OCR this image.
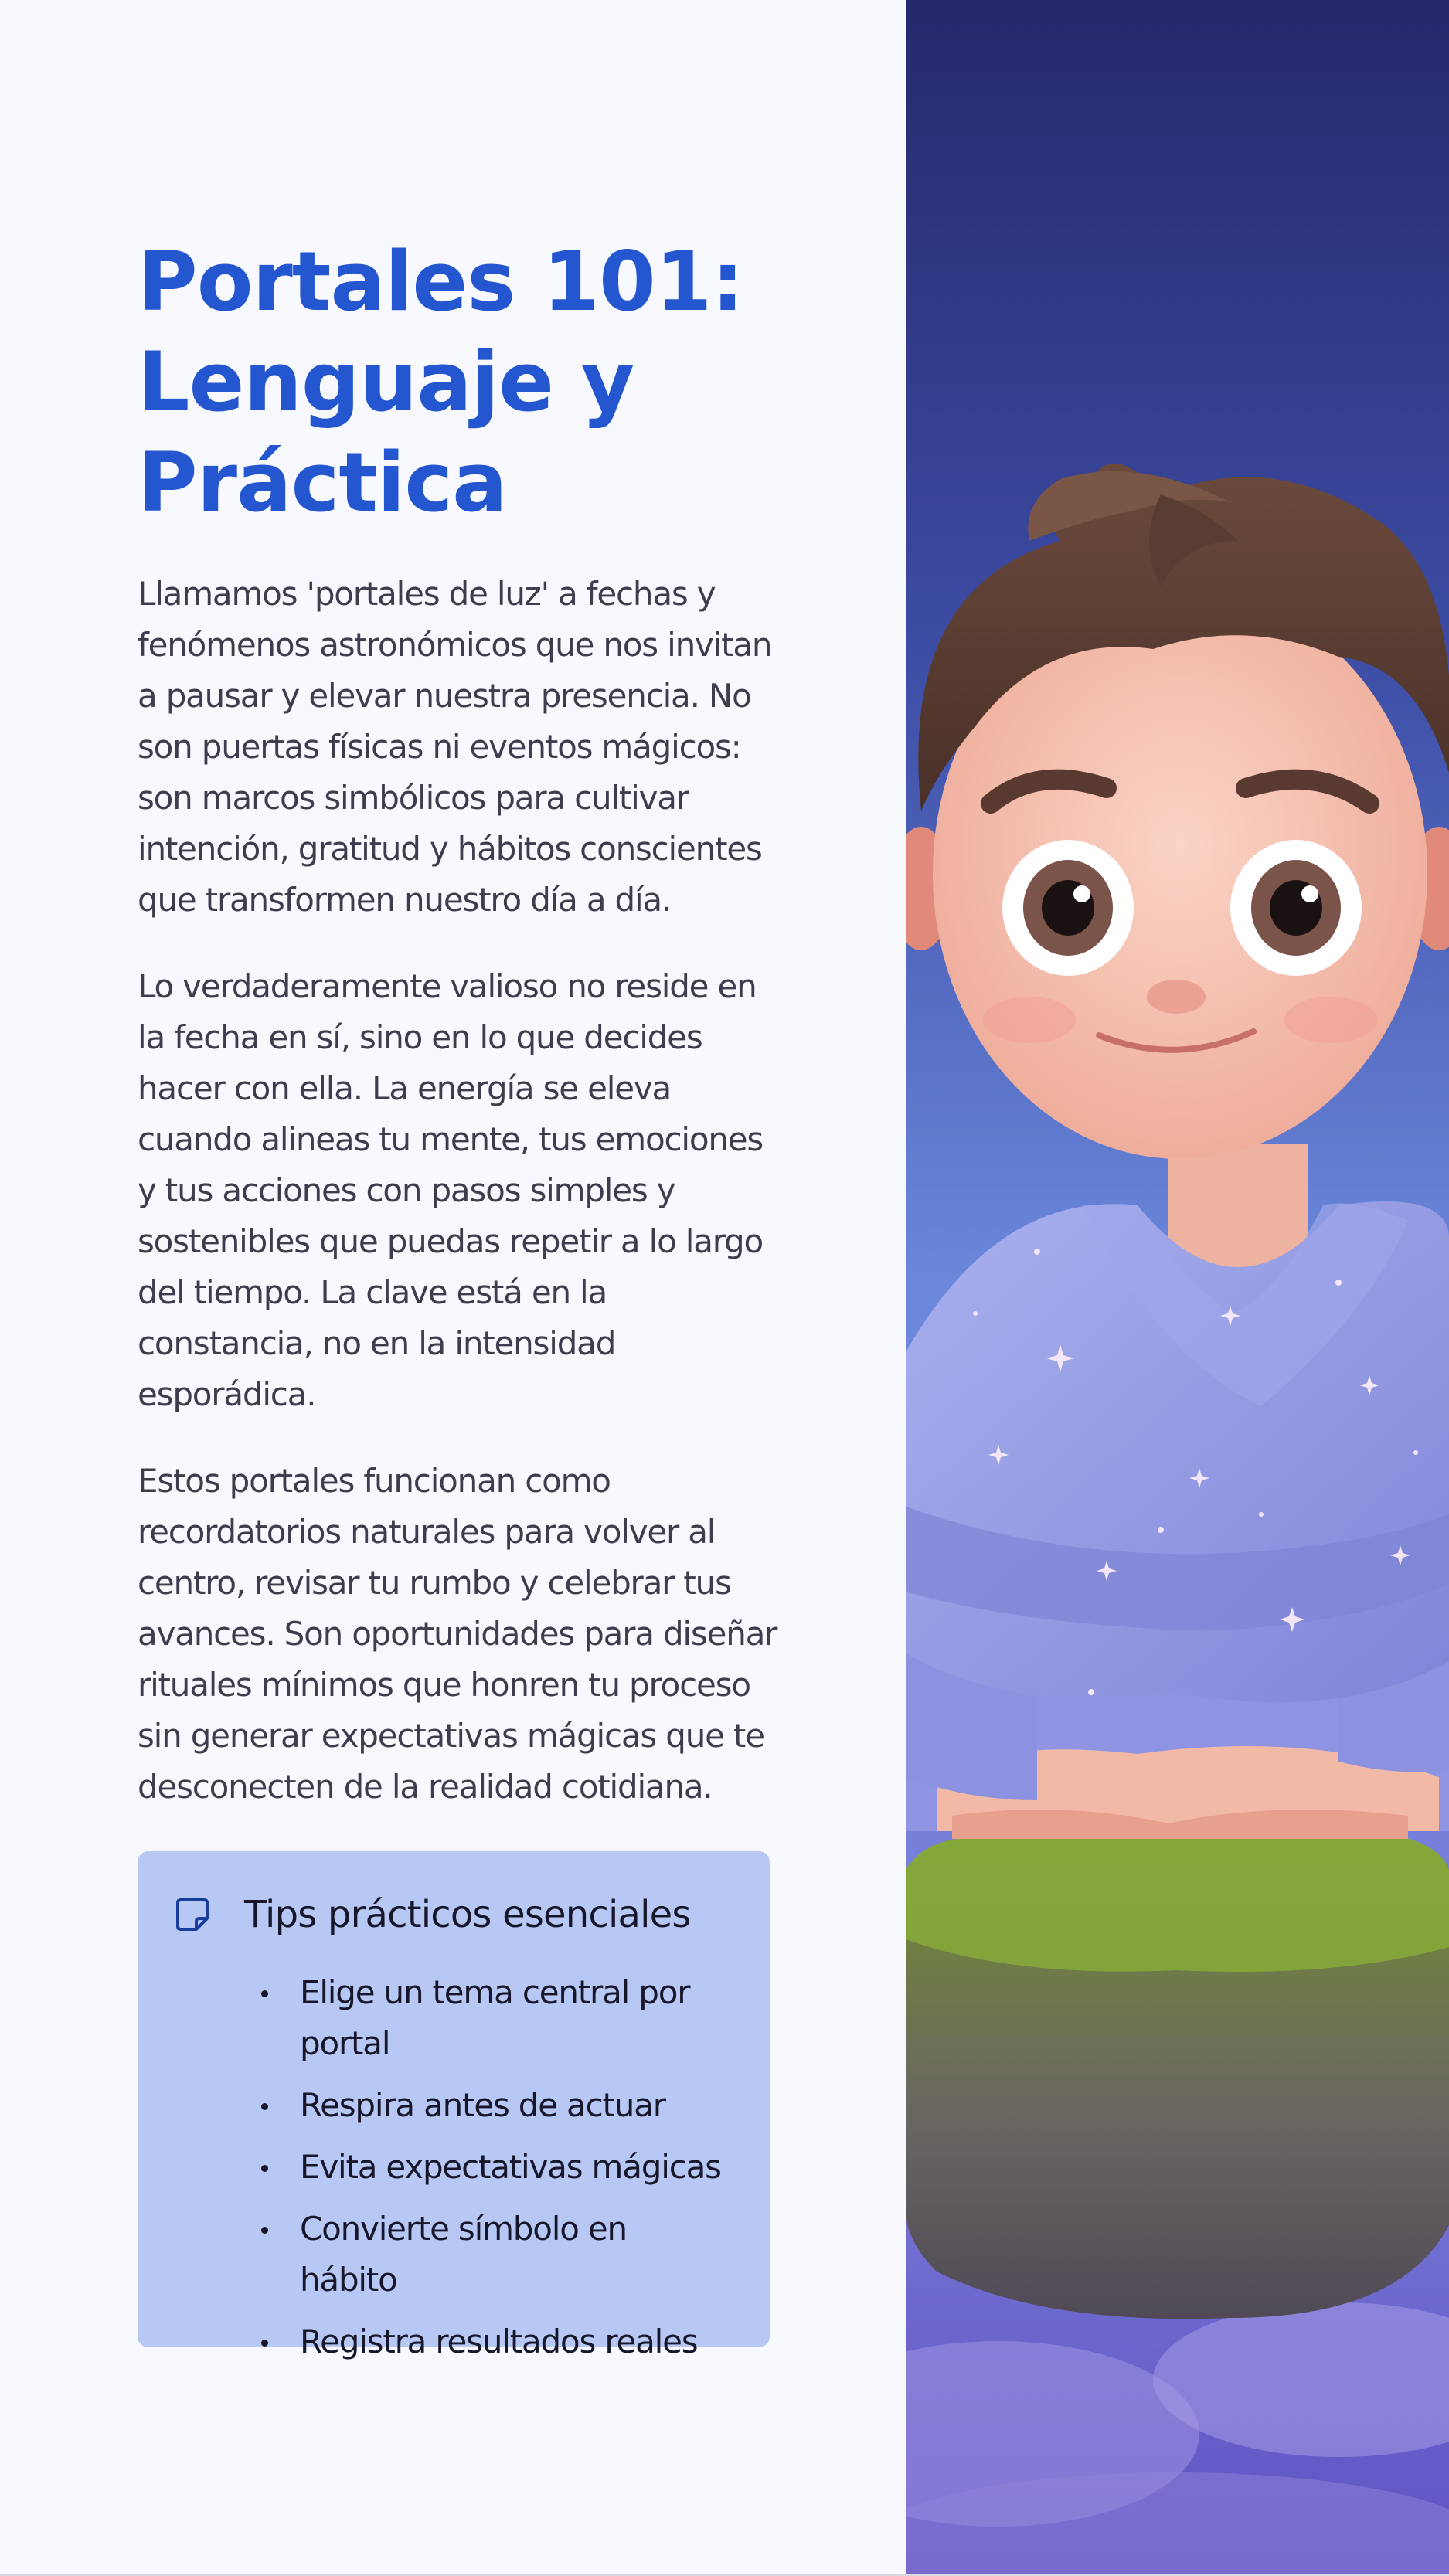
Portales 101: Lenguaje y Práctica

Llamamos 'portales de luz' a fechas y fenómenos astronómicos que nos invitan a pausar y elevar nuestra presencia. No son puertas físicas ni eventos mágicos: son marcos simbólicos para cultivar intención, gratitud y hábitos conscientes que transformen nuestro día a día.

Lo verdaderamente valioso no reside en la fecha en sí, sino en lo que decides hacer con ella. La energía se eleva cuando alineas tu mente, tus emociones y tus acciones con pasos simples y sostenibles que puedas repetir a lo largo del tiempo. La clave está en la constancia, no en la intensidad esporádica.

Estos portales funcionan como recordatorios naturales para volver al centro, revisar tu rumbo y celebrar tus avances. Son oportunidades para diseñar rituales mínimos que honren tu proceso sin generar expectativas mágicas que te desconecten de la realidad cotidiana.

Tips prácticos esenciales
Elige un tema central por portal
Respira antes de actuar
Evita expectativas mágicas
Convierte símbolo en hábito
Registra resultados reales
